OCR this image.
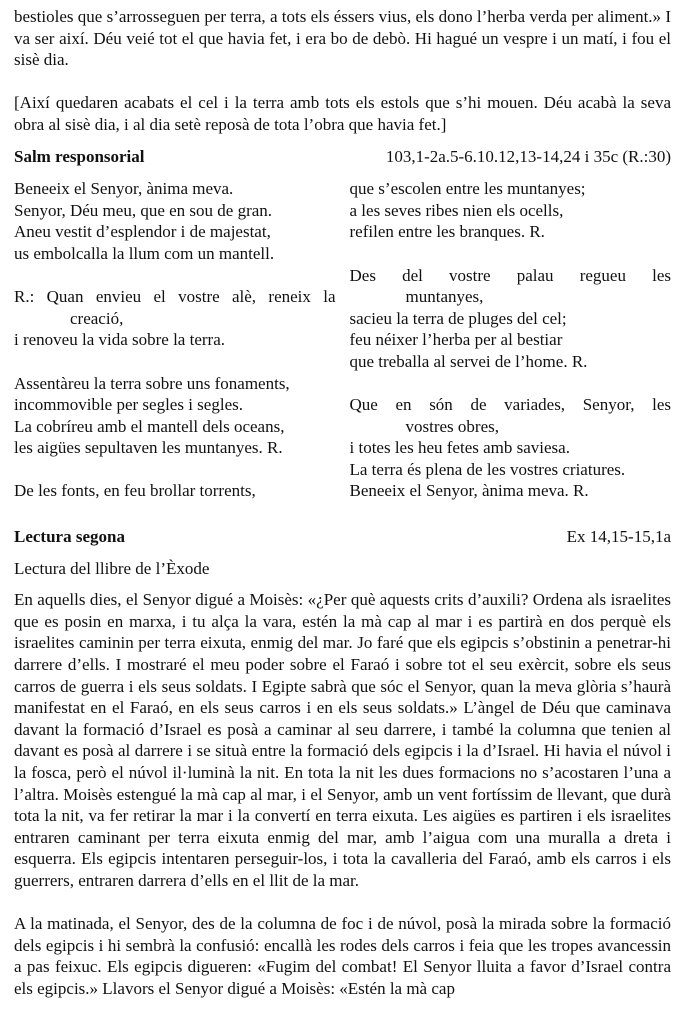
bestioles que s’arrosseguen per terra, a tots els éssers vius, els dono l’herba verda per aliment.» I va ser així. Déu veié tot el que havia fet, i era bo de debò. Hi hagué un vespre i un matí, i fou el sisè dia.

[Així quedaren acabats el cel i la terra amb tots els estols que s’hi mouen. Déu acabà la seva obra al sisè dia, i al dia setè reposà de tota l’obra que havia fet.]

Salm responsorial	103,1-2a.5-6.10.12,13-14,24 i 35c (R.:30)
Beneeix el Senyor, ànima meva.
Senyor, Déu meu, que en sou de gran.
Aneu vestit d’esplendor i de majestat,
us embolcalla la llum com un mantell.
R.: Quan envieu el vostre alè, reneix la
creació,
i renoveu la vida sobre la terra.
Assentàreu la terra sobre uns fonaments,
incommovible per segles i segles.
La cobríreu amb el mantell dels oceans,
les aigües sepultaven les muntanyes. R.
De les fonts, en feu brollar torrents,
que s’escolen entre les muntanyes;
a les seves ribes nien els ocells,
refilen entre les branques. R.
Des del vostre palau regueu les
muntanyes,
sacieu la terra de pluges del cel;
feu néixer l’herba per al bestiar
que treballa al servei de l’home. R.
Que en són de variades, Senyor, les
vostres obres,
i totes les heu fetes amb saviesa.
La terra és plena de les vostres criatures.
Beneeix el Senyor, ànima meva. R.
Lectura segona	Ex 14,15-15,1a
Lectura del llibre de l’Èxode

En aquells dies, el Senyor digué a Moisès: «¿Per què aquests crits d’auxili? Ordena als israelites que es posin en marxa, i tu alça la vara, estén la mà cap al mar i es partirà en dos perquè els israelites caminin per terra eixuta, enmig del mar. Jo faré que els egipcis s’obstinin a penetrar-hi darrere d’ells. I mostraré el meu poder sobre el Faraó i sobre tot el seu exèrcit, sobre els seus carros de guerra i els seus soldats. I Egipte sabrà que sóc el Senyor, quan la meva glòria s’haurà manifestat en el Faraó, en els seus carros i en els seus soldats.» L’àngel de Déu que caminava davant la formació d’Israel es posà a caminar al seu darrere, i també la columna que tenien al davant es posà al darrere i se situà entre la formació dels egipcis i la d’Israel. Hi havia el núvol i la fosca, però el núvol il·luminà la nit. En tota la nit les dues formacions no s’acostaren l’una a l’altra. Moisès estengué la mà cap al mar, i el Senyor, amb un vent fortíssim de llevant, que durà tota la nit, va fer retirar la mar i la convertí en terra eixuta. Les aigües es partiren i els israelites entraren caminant per terra eixuta enmig del mar, amb l’aigua com una muralla a dreta i esquerra. Els egipcis intentaren perseguir-los, i tota la cavalleria del Faraó, amb els carros i els guerrers, entraren darrera d’ells en el llit de la mar.

A la matinada, el Senyor, des de la columna de foc i de núvol, posà la mirada sobre la formació dels egipcis i hi sembrà la confusió: encallà les rodes dels carros i feia que les tropes avancessin a pas feixuc. Els egipcis digueren: «Fugim del combat! El Senyor lluita a favor d’Israel contra els egipcis.» Llavors el Senyor digué a Moisès: «Estén la mà cap
